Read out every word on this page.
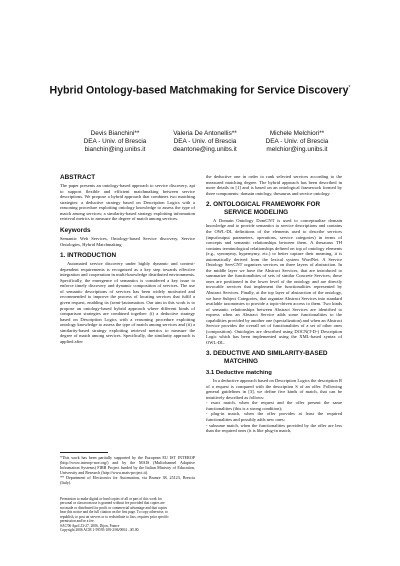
Hybrid Ontology-based Matchmaking for Service Discovery*
Devis Bianchini**
DEA - Univ. of Brescia
bianchin@ing.unibs.it
Valeria De Antonellis**
DEA - Univ. of Brescia
deantone@ing.unibs.it
Michele Melchiori**
DEA - Univ. of Brescia
melchior@ing.unibs.it
ABSTRACT

The paper presents an ontology-based approach to service discovery, apt to support flexible and efficient matchmaking between service descriptions. We propose a hybrid approach that combines two matching strategies: a deductive strategy based on Description Logics with a reasoning procedure exploiting ontology knowledge to assess the type of match among services; a similarity-based strategy exploiting information retrieval metrics to measure the degree of match among services.

Keywords

Semantic Web Services, Ontology-based Service discovery, Service Ontologies, Hybrid Matchmaking

1. INTRODUCTION

Automated service discovery under highly dynamic and context-dependent requirements is recognized as a key step towards effective integration and cooperation in multi-knowledge distributed environments. Specifically, the emergence of semantics is considered a key issue to enforce timely discovery and dynamic composition of services. The use of semantic descriptions of services has been widely motivated and recommended to improve the process of locating services that fulfil a given request, enabling its (semi-)automation. Our aim in this work is to propose an ontology-based hybrid approach where different kinds of comparison strategies are combined together: (i) a deductive strategy based on Description Logics with a reasoning procedure exploiting ontology knowledge to assess the type of match among services and (ii) a similarity-based strategy exploiting retrieval metrics to measure the degree of match among services. Specifically, the similarity approach is applied after

*This work has been partially supported by the European EU IST INTEROP (http://www.interop-noe.org/) and by the MAIS (Multichannel Adaptive Information Systems) FIRB Project funded by the Italian Ministry of Education, University and Research (http://www.mais-project.it).

** Department of Electronics for Automation, via Branze 38, 25123, Brescia (Italy).

Permission to make digital or hard copies of all or part of this work for

personal or classroom use is granted without fee provided that copies are

not made or distributed for profit or commercial advantage and that copies

bear this notice and the full citation on the first page. To copy otherwise, to

republish, to post on servers or to redistribute to lists, requires prior specific

permission and/or a fee.

SAC'06 April 23-27, 2006, Dijon, France

Copyright 2006 ACM 1-59593-108-2/06/0004 ...$5.00.

the deductive one in order to rank selected services according to the measured matching degree. The hybrid approach has been described in more details in [1] and is based on an ontological framework formed by three components: domain ontology, thesaurus and service ontology.

2. ONTOLOGICAL FRAMEWORK FOR SERVICE MODELING

A Domain Ontology DomCNT is used to conceptualize domain knowledge and to provide semantics to service descriptions and contains the OWL-DL definitions of the elements used to describe services (input/output parameters, operations, service categories) in terms of concepts and semantic relationships between them. A thesaurus TH contains terminological relationships defined on top of ontology elements (e.g., synonymy, hypernymy, etc.) to better capture their meaning, it is automatically derived from the lexical system WordNet. A Service Ontology ServCNT organizes services on three layers of abstraction. In the middle layer we have the Abstract Services, that are introduced to summarize the functionalities of sets of similar Concrete Services; these ones are positioned in the lower level of the ontology and are directly invocable services that implement the functionalities represented by Abstract Services. Finally, at the top layer of abstraction of the ontology, we have Subject Categories, that organize Abstract Services into standard available taxonomies to provide a topic-driven access to them. Two kinds of semantic relationships between Abstract Services are identified to express when an Abstract Service adds some functionalities to the capabilities provided by another one (specialization) and when an Abstract Service provides the overall set of functionalities of a set of other ones (composition). Ontologies are described using DOCN(T-D-) Description Logic which has been implemented using the XML-based syntax of OWL-DL.

3. DEDUCTIVE AND SIMILARITY-BASED MATCHING
3.1 Deductive matching

In a deductive approach based on Description Logics the description R of a request is compared with the description S of an offer. Following general guidelines in [3], we define five kinds of match, that can be intuitively described as follows:

- exact match, when the request and the offer present the same functionalities (this is a strong condition);

- plug-in match, when the offer provides at least the required functionalities and possibly adds new ones;

- subsume match, when the functionalities provided by the offer are less than the required ones (it is like plug-in match,
